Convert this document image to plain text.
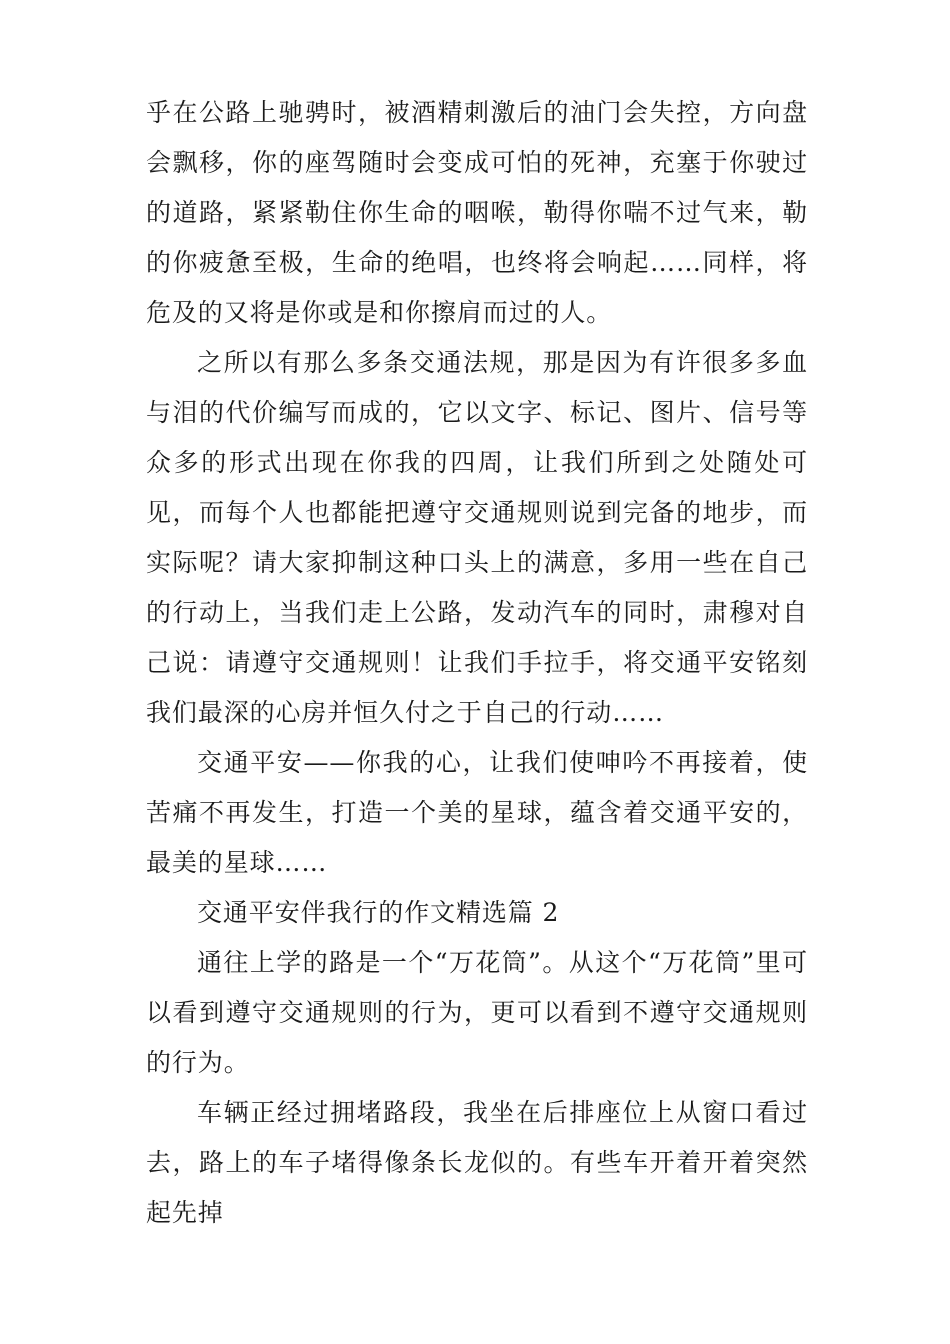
乎在公路上驰骋时，被酒精刺激后的油门会失控，方向盘会飘移，你的座驾随时会变成可怕的死神，充塞于你驶过的道路，紧紧勒住你生命的咽喉，勒得你喘不过气来，勒的你疲惫至极，生命的绝唱，也终将会响起……同样，将危及的又将是你或是和你擦肩而过的人。

之所以有那么多条交通法规，那是因为有许很多多血与泪的代价编写而成的，它以文字、标记、图片、信号等众多的形式出现在你我的四周，让我们所到之处随处可见，而每个人也都能把遵守交通规则说到完备的地步，而实际呢？请大家抑制这种口头上的满意，多用一些在自己的行动上，当我们走上公路，发动汽车的同时，肃穆对自己说：请遵守交通规则！让我们手拉手，将交通平安铭刻我们最深的心房并恒久付之于自己的行动……

交通平安——你我的心，让我们使呻吟不再接着，使苦痛不再发生，打造一个美的星球，蕴含着交通平安的，最美的星球……

交通平安伴我行的作文精选篇 2

通往上学的路是一个“万花筒”。从这个“万花筒”里可以看到遵守交通规则的行为，更可以看到不遵守交通规则的行为。

车辆正经过拥堵路段，我坐在后排座位上从窗口看过去，路上的车子堵得像条长龙似的。有些车开着开着突然起先掉
